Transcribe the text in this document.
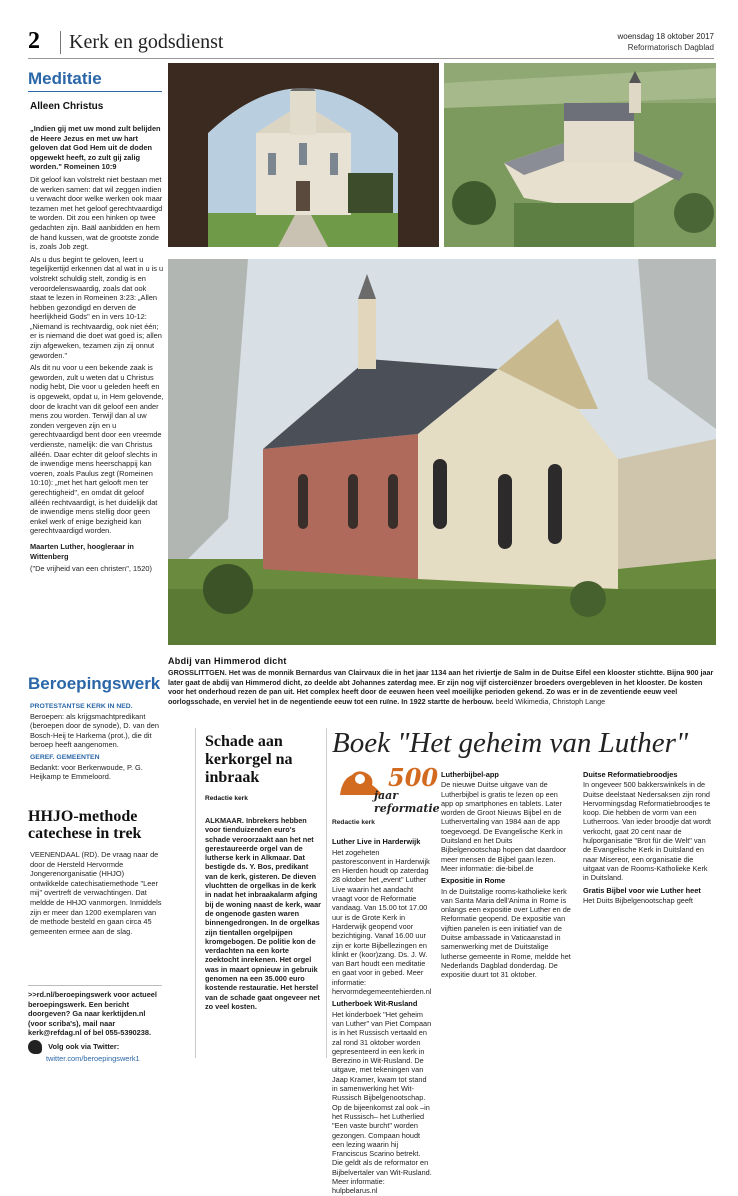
2	Kerk en godsdienst	woensdag 18 oktober 2017
Reformatorisch Dagblad
Meditatie
Alleen Christus

„Indien gij met uw mond zult belijden de Heere Jezus en met uw hart geloven dat God Hem uit de doden opgewekt heeft, zo zult gij zalig worden." Romeinen 10:9

Dit geloof kan volstrekt niet bestaan met de werken samen: dat wil zeggen indien u verwacht door welke werken ook maar tezamen met het geloof gerechtvaardigd te worden. Dit zou een hinken op twee gedachten zijn. Baäl aanbidden en hem de hand kussen, wat de grootste zonde is, zoals Job zegt.

Als u dus begint te geloven, leert u tegelijkertijd erkennen dat al wat in u is u volstrekt schuldig stelt, zondig is en veroordelenswaardig, zoals dat ook staat te lezen in Romeinen 3:23: „Allen hebben gezondigd en derven de heerlijkheid Gods" en in vers 10-12: „Niemand is rechtvaardig, ook niet één; er is niemand die doet wat goed is; allen zijn afgeweken, tezamen zijn zij onnut geworden."

Als dit nu voor u een bekende zaak is geworden, zult u weten dat u Christus nodig hebt, Die voor u geleden heeft en is opgewekt, opdat u, in Hem gelovende, door de kracht van dit geloof een ander mens zou worden. Terwijl dan al uw zonden vergeven zijn en u gerechtvaardigd bent door een vreemde verdienste, namelijk: die van Christus alléén. Daar echter dit geloof slechts in de inwendige mens heerschappij kan voeren, zoals Paulus zegt (Romeinen 10:10): „met het hart gelooft men ter gerechtigheid", en omdat dit geloof alléén rechtvaardigt, is het duidelijk dat de inwendige mens stellig door geen enkel werk of enige bezigheid kan gerechtvaardigd worden.

Maarten Luther, hoogleraar in Wittenberg

("De vrijheid van een christen", 1520)

Beroepingswerk
PROTESTANTSE KERK IN NED.

Beroepen: als krijgsmachtpredikant (beroepen door de synode), D. van den Bosch-Heij te Harkema (prot.), die dit beroep heeft aangenomen.

GEREF. GEMEENTEN

Bedankt: voor Berkenwoude, P. G. Heijkamp te Emmeloord.

HHJO-methode catechese in trek
VEENENDAAL (RD). De vraag naar de door de Hersteld Hervormde Jongerenorganisatie (HHJO) ontwikkelde catechisatiemethode "Leer mij" overtreft de verwachtingen. Dat meldde de HHJO vanmorgen. Inmiddels zijn er meer dan 1200 exemplaren van de methode besteld en gaan circa 45 gemeenten ermee aan de slag.
>>rd.nl/beroepingswerk voor actueel beroepingswerk. Een bericht doorgeven? Ga naar kerktijden.nl (voor scriba's), mail naar kerk@refdag.nl of bel 055-5390238.
Volg ook via Twitter:
twitter.com/beroepingswerk1
Abdij van Himmerod dicht
GROSSLITTGEN. Het was de monnik Bernardus van Clairvaux die in het jaar 1134 aan het riviertje de Salm in de Duitse Eifel een klooster stichtte. Bijna 900 jaar later gaat de abdij van Himmerod dicht, zo deelde abt Johannes zaterdag mee. Er zijn nog vijf cisterciënzer broeders overgebleven in het klooster. De kosten voor het onderhoud rezen de pan uit. Het complex heeft door de eeuwen heen veel moeilijke perioden gekend. Zo was er in de zeventiende eeuw veel oorlogsschade, en verviel het in de negentiende eeuw tot een ruïne. In 1922 startte de herbouw. beeld Wikimedia, Christoph Lange
Schade aan kerkorgel na inbraak
Redactie kerk
ALKMAAR. Inbrekers hebben voor tienduizenden euro's schade veroorzaakt aan het net gerestaureerde orgel van de lutherse kerk in Alkmaar. Dat bestigde ds. Y. Bos, predikant van de kerk, gisteren. De dieven vluchtten de orgelkas in de kerk in nadat het inbraakalarm afging bij de woning naast de kerk, waar de ongenode gasten waren binnengedrongen. In de orgelkas zijn tientallen orgelpijpen kromgebogen. De politie kon de verdachten na een korte zoektocht inrekenen. Het orgel was in maart opnieuw in gebruik genomen na een 35.000 euro kostende restauratie. Het herstel van de schade gaat ongeveer net zo veel kosten.
Boek "Het geheim van Luther"
500
jaar reformatie
Redactie kerk
Luther Live in Harderwijk
Het zogeheten pastoresconvent in Harderwijk en Hierden houdt op zaterdag 28 oktober het „event" Luther Live waarin het aandacht vraagt voor de Reformatie vandaag. Van 15.00 tot 17.00 uur is de Grote Kerk in Harderwijk geopend voor bezichtiging. Vanaf 16.00 uur zijn er korte Bijbellezingen en klinkt er (koor)zang. Ds. J. W. van Bart houdt een meditatie en gaat voor in gebed. Meer informatie: hervormdegemeentehierden.nl
Lutherboek Wit-Rusland
Het kinderboek "Het geheim van Luther" van Piet Compaan is in het Russisch vertaald en zal rond 31 oktober worden gepresenteerd in een kerk in Berezino in Wit-Rusland. De uitgave, met tekeningen van Jaap Kramer, kwam tot stand in samenwerking het Wit-Russisch Bijbelgenootschap. Op de bijeenkomst zal ook –in het Russisch– het Lutherlied "Een vaste burcht" worden gezongen. Compaan houdt een lezing waarin hij Franciscus Scarino betrekt. Die geldt als de reformator en Bijbelvertaler van Wit-Rusland. Meer informatie: hulpbelarus.nl
Lutherbijbel-app
De nieuwe Duitse uitgave van de Lutherbijbel is gratis te lezen op een app op smartphones en tablets. Later worden de Groot Nieuws Bijbel en de Luthervertaling van 1984 aan de app toegevoegd. De Evangelische Kerk in Duitsland en het Duits Bijbelgenootschap hopen dat daardoor meer mensen de Bijbel gaan lezen. Meer informatie: die-bibel.de
Expositie in Rome
In de Duitstalige rooms-katholieke kerk van Santa Maria dell'Anima in Rome is onlangs een expositie over Luther en de Reformatie geopend. De expositie van vijftien panelen is een initiatief van de Duitse ambassade in Vaticaanstad in samenwerking met de Duitstalige lutherse gemeente in Rome, meldde het Nederlands Dagblad donderdag. De expositie duurt tot 31 oktober.
Duitse Reformatiebroodjes
In ongeveer 500 bakkerswinkels in de Duitse deelstaat Nedersaksen zijn rond Hervormingsdag Reformatiebroodjes te koop. Die hebben de vorm van een Lutherroos. Van ieder broodje dat wordt verkocht, gaat 20 cent naar de hulporganisatie "Brot für die Welt" van de Evangelische Kerk in Duitsland en naar Misereor, een organisatie die uitgaat van de Rooms-Katholieke Kerk in Duitsland.
Gratis Bijbel voor wie Luther heet
Het Duits Bijbelgenootschap geeft
